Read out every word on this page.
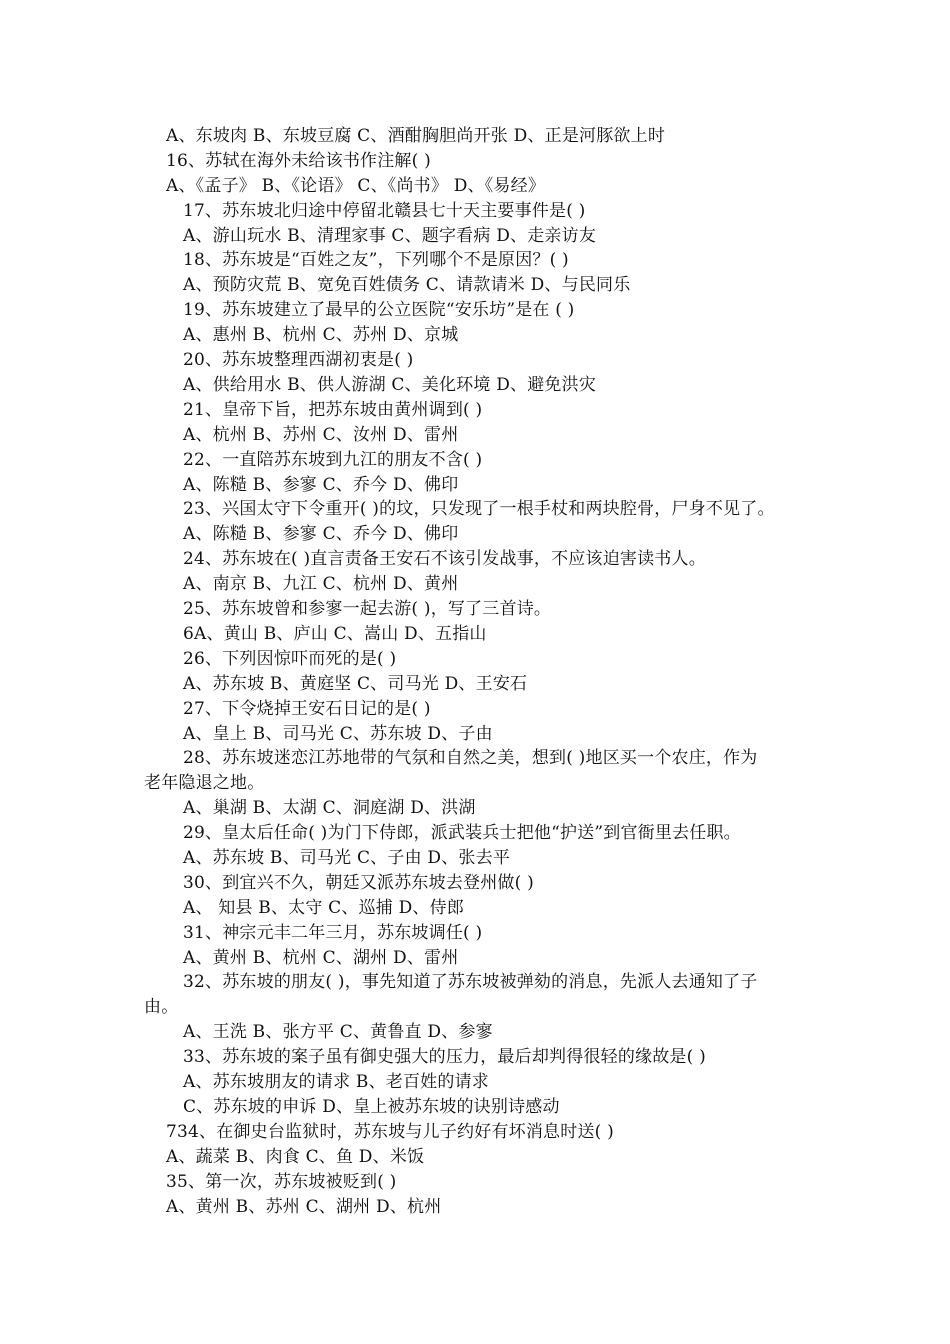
A、东坡肉 B、东坡豆腐 C、酒酣胸胆尚开张 D、正是河豚欲上时
16、苏轼在海外未给该书作注解( )
A、《孟子》 B、《论语》 C、《尚书》 D、《易经》
17、苏东坡北归途中停留北赣县七十天主要事件是( )
A、游山玩水 B、清理家事 C、题字看病 D、走亲访友
18、苏东坡是“百姓之友”，下列哪个不是原因？( )
A、预防灾荒 B、宽免百姓债务 C、请款请米 D、与民同乐
19、苏东坡建立了最早的公立医院“安乐坊”是在 ( )
A、惠州 B、杭州 C、苏州 D、京城
20、苏东坡整理西湖初衷是( )
A、供给用水 B、供人游湖 C、美化环境 D、避免洪灾
21、皇帝下旨，把苏东坡由黄州调到( )
A、杭州 B、苏州 C、汝州 D、雷州
22、一直陪苏东坡到九江的朋友不含( )
A、陈糙 B、参寥 C、乔今 D、佛印
23、兴国太守下令重开( )的坟，只发现了一根手杖和两块腔骨，尸身不见了。
A、陈糙 B、参寥 C、乔今 D、佛印
24、苏东坡在( )直言责备王安石不该引发战事，不应该迫害读书人。
A、南京 B、九江 C、杭州 D、黄州
25、苏东坡曾和参寥一起去游( )，写了三首诗。
6A、黄山 B、庐山 C、嵩山 D、五指山
26、下列因惊吓而死的是( )
A、苏东坡 B、黄庭坚 C、司马光 D、王安石
27、下令烧掉王安石日记的是( )
A、皇上 B、司马光 C、苏东坡 D、子由
28、苏东坡迷恋江苏地带的气氛和自然之美，想到( )地区买一个农庄，作为
老年隐退之地。
A、巢湖 B、太湖 C、洞庭湖 D、洪湖
29、皇太后任命( )为门下侍郎，派武装兵士把他“护送”到官衙里去任职。
A、苏东坡 B、司马光 C、子由 D、张去平
30、到宜兴不久，朝廷又派苏东坡去登州做( )
A、 知县 B、太守 C、巡捕 D、侍郎
31、神宗元丰二年三月，苏东坡调任( )
A、黄州 B、杭州 C、湖州 D、雷州
32、苏东坡的朋友( )，事先知道了苏东坡被弹劾的消息，先派人去通知了子
由。
A、王洗 B、张方平 C、黄鲁直 D、参寥
33、苏东坡的案子虽有御史强大的压力，最后却判得很轻的缘故是( )
A、苏东坡朋友的请求 B、老百姓的请求
C、苏东坡的申诉 D、皇上被苏东坡的诀别诗感动
734、在御史台监狱时，苏东坡与儿子约好有坏消息时送( )
A、蔬菜 B、肉食 C、鱼 D、米饭
35、第一次，苏东坡被贬到( )
A、黄州 B、苏州 C、湖州 D、杭州
